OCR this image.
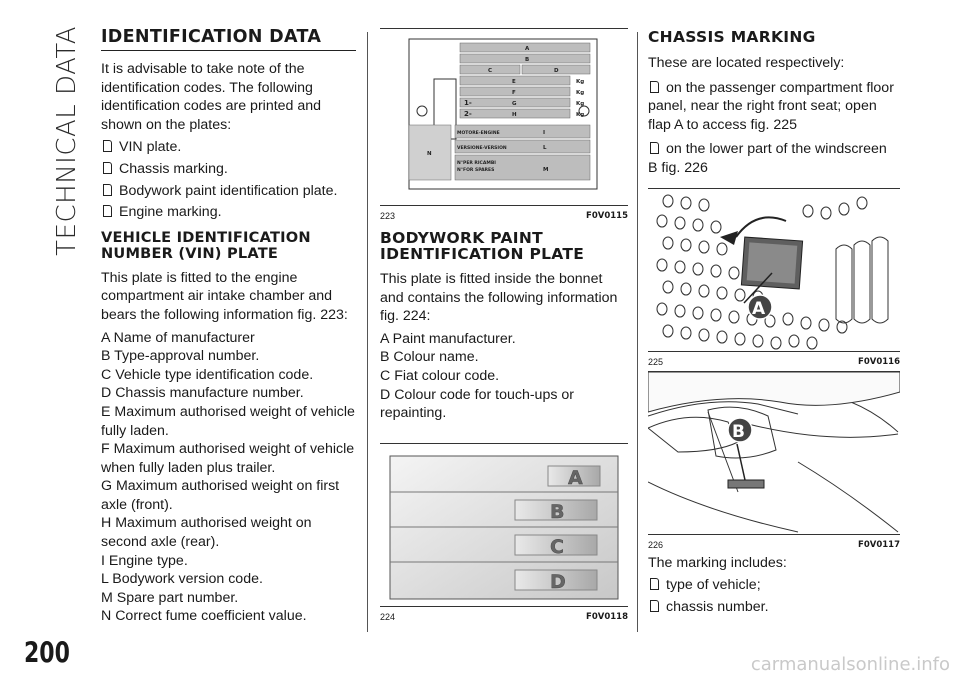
TECHNICAL DATA
200	carmanualsonline.info
IDENTIFICATION DATA

It is advisable to take note of the identification codes. The following identification codes are printed and shown on the plates:

VIN plate.
Chassis marking.
Bodywork paint identification plate.
Engine marking.
VEHICLE IDENTIFICATION NUMBER (VIN) PLATE

This plate is fitted to the engine compartment air intake chamber and bears the following information fig. 223:

A Name of manufacturer
B Type-approval number.
C Vehicle type identification code.
D Chassis manufacture number.
E Maximum authorised weight of vehicle fully laden.
F Maximum authorised weight of vehicle when fully laden plus trailer.
G Maximum authorised weight on first axle (front).
H Maximum authorised weight on second axle (rear).
I Engine type.
L Bodywork version code.
M Spare part number.
N Correct fume coefficient value.
A
B
C	D
E
F
G
H
I
L
M
N
Kg
Kg
Kg
Kg
1-
2-
MOTORE-ENGINE
VERSIONE-VERSION
N°PER RICAMBI
N°FOR SPARES
223	F0V0115
BODYWORK PAINT IDENTIFICATION PLATE

This plate is fitted inside the bonnet and contains the following information fig. 224:

A Paint manufacturer.
B Colour name.
C Fiat colour code.
D Colour code for touch-ups or repainting.
A
B
C
D
224	F0V0118
CHASSIS MARKING

These are located respectively:

on the passenger compartment floor panel, near the right front seat; open flap A to access fig. 225

on the lower part of the windscreen B fig. 226

A
225	F0V0116
B
226	F0V0117

The marking includes:

type of vehicle;
chassis number.
